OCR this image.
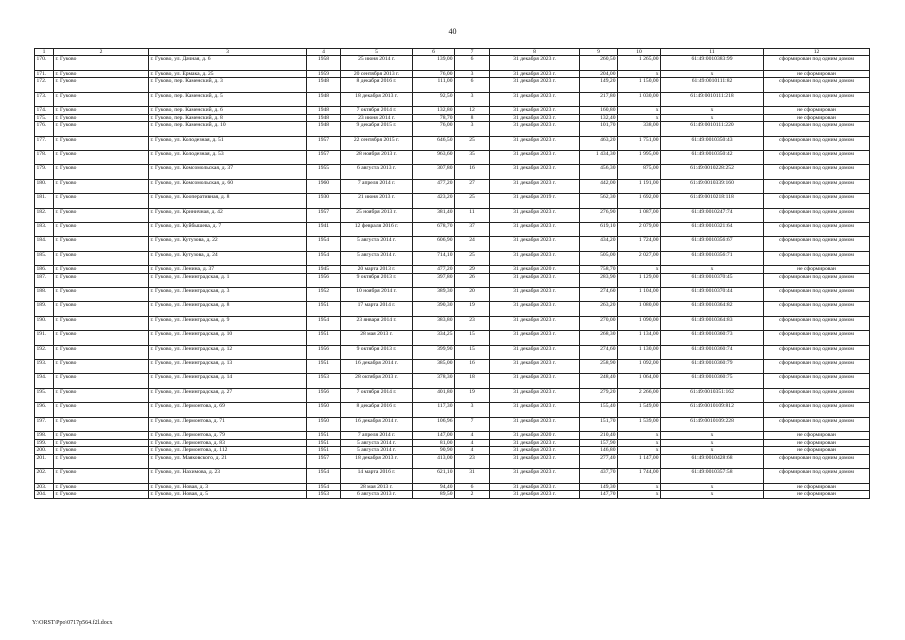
40
1	2	3	4	5	6	7	8	9	10	11	12
170.	г. Гуково	г. Гуково, ул. Дачная, д. 6	1958	25 июня 2014 г.	139,00	6	31 декабря 2023 г.	260,50	1 265,00	61:49:0010383:99	сформирован под одним домом
171.	г. Гуково	г. Гуково, ул. Ермака, д. 25	1959	20 сентября 2013 г.	76,00	3	31 декабря 2023 г.	204,00	х	х	не сформирован
172.	г. Гуково	г. Гуково, пер. Каменский, д. 3	1948	8 декабря 2016 г.	111,00	6	31 декабря 2023 г.	149,20	1 150,00	61:49:0010111:82	сформирован под одним домом
173.	г. Гуково	г. Гуково, пер. Каменский, д. 5	1948	18 декабря 2013 г.	92,50	3	31 декабря 2023 г.	217,80	1 030,00	61:49:0010111:218	сформирован под одним домом
174.	г. Гуково	г. Гуково, пер. Каменский, д. 6	1948	7 октября 2014 г.	132,80	12	31 декабря 2023 г.	160,80	х	х	не сформирован
175.	г. Гуково	г. Гуково, пер. Каменский, д. 8	1948	23 июня 2014 г.	78,70	8	31 декабря 2023 г.	132,40	х	х	не сформирован
176.	г. Гуково	г. Гуково, пер. Каменский, д. 10	1948	9 декабря 2015 г.	76,00	3	31 декабря 2023 г.	101,70	338,00	61:49:0010111:220	сформирован под одним домом
177.	г. Гуково	г. Гуково, ул. Колодезная, д. 51	1957	22 сентября 2015 г.	646,50	25	31 декабря 2023 г.	463,20	1 751,00	61:49:0010350:43	сформирован под одним домом
178.	г. Гуково	г. Гуково, ул. Колодезная, д. 53	1957	28 ноября 2013 г.	963,60	35	31 декабря 2023 г.	1 434,30	1 995,00	61:49:0010350:42	сформирован под одним домом
179.	г. Гуково	г. Гуково, ул. Комсомольская, д. 37	1955	6 августа 2013 г.	307,80	16	31 декабря 2023 г.	456,30	875,00	61:49:0010228:252	сформирован под одним домом
180.	г. Гуково	г. Гуково, ул. Комсомольская, д. 60	1960	7 апреля 2014 г.	477,20	27	31 декабря 2023 г.	442,00	1 191,00	61:49:0010339:160	сформирован под одним домом
181.	г. Гуково	г. Гуково, ул. Кооперативная, д. 8	1930	21 июня 2013 г.	423,20	25	31 декабря 2019 г.	562,30	1 692,00	61:49:0010218:118	сформирован под одним домом
182.	г. Гуково	г. Гуково, ул. Криничная, д. 42	1957	25 ноября 2013 г.	381,40	11	31 декабря 2023 г.	276,90	1 087,00	61:49:0010247:74	сформирован под одним домом
183.	г. Гуково	г. Гуково, ул. Куйбышева, д. 7	1941	12 февраля 2016 г.	678,70	37	31 декабря 2023 г.	619,10	2 079,00	61:49:0010321:64	сформирован под одним домом
184.	г. Гуково	г. Гуково, ул. Кутузова, д. 22	1954	5 августа 2014 г.	606,90	24	31 декабря 2023 г.	434,20	1 724,00	61:49:0010356:67	сформирован под одним домом
185.	г. Гуково	г. Гуково, ул. Кутузова, д. 24	1954	5 августа 2014 г.	714,10	25	31 декабря 2023 г.	505,00	2 027,00	61:49:0010356:71	сформирован под одним домом
186.	г. Гуково	г. Гуково, ул. Ленина, д. 37	1945	20 марта 2013 г.	477,20	29	31 декабря 2020 г.	758,70	х	х	не сформирован
187.	г. Гуково	г. Гуково, ул. Ленинградская, д. 1	1956	9 октября 2013 г.	397,80	26	31 декабря 2023 г.	283,90	1 129,00	61:49:0010370:45	сформирован под одним домом
188.	г. Гуково	г. Гуково, ул. Ленинградская, д. 3	1952	10 ноября 2014 г.	389,30	20	31 декабря 2023 г.	274,60	1 104,00	61:49:0010370:44	сформирован под одним домом
189.	г. Гуково	г. Гуково, ул. Ленинградская, д. 8	1951	17 марта 2014 г.	390,30	19	31 декабря 2023 г.	263,20	1 080,00	61:49:0010364:82	сформирован под одним домом
190.	г. Гуково	г. Гуково, ул. Ленинградская, д. 9	1954	23 января 2014 г.	383,80	23	31 декабря 2023 г.	270,00	1 090,00	61:49:0010364:83	сформирован под одним домом
191.	г. Гуково	г. Гуково, ул. Ленинградская, д. 10	1951	28 мая 2013 г.	334,25	15	31 декабря 2023 г.	268,30	1 134,00	61:49:0010360:73	сформирован под одним домом
192.	г. Гуково	г. Гуково, ул. Ленинградская, д. 12	1956	9 октября 2013 г.	399,90	15	31 декабря 2023 г.	274,60	1 130,00	61:49:0010360:74	сформирован под одним домом
193.	г. Гуково	г. Гуково, ул. Ленинградская, д. 13	1951	16 декабря 2014 г.	385,00	16	31 декабря 2023 г.	258,90	1 092,00	61:49:0010360:79	сформирован под одним домом
194.	г. Гуково	г. Гуково, ул. Ленинградская, д. 14	1953	28 октября 2013 г.	378,30	18	31 декабря 2023 г.	248,40	1 064,00	61:49:0010360:75	сформирован под одним домом
195.	г. Гуково	г. Гуково, ул. Ленинградская, д. 27	1956	7 октября 2014 г.	401,80	19	31 декабря 2023 г.	279,20	2 266,00	61:49:0010351:162	сформирован под одним домом
196.	г. Гуково	г. Гуково, ул. Лермонтова, д. 69	1950	8 декабря 2016 г.	117,30	3	31 декабря 2023 г.	155,40	1 549,00	61:49:0010109:812	сформирован под одним домом
197.	г. Гуково	г. Гуково, ул. Лермонтова, д. 71	1950	16 декабря 2014 г.	106,96	7	31 декабря 2023 г.	151,70	1 539,00	61:49:0010109:228	сформирован под одним домом
198.	г. Гуково	г. Гуково, ул. Лермонтова, д. 79	1951	7 апреля 2014 г.	147,00	4	31 декабря 2020 г.	210,40	х	х	не сформирован
199.	г. Гуково	г. Гуково, ул. Лермонтова, д. 83	1951	5 августа 2014 г.	81,00	4	31 декабря 2023 г.	157,90	х	х	не сформирован
200.	г. Гуково	г. Гуково, ул. Лермонтова, д. 112	1951	5 августа 2014 г.	90,90	4	31 декабря 2023 г.	146,80	х	х	не сформирован
201.	г. Гуково	г. Гуково, ул. Маяковского, д. 21	1957	18 декабря 2013 г.	413,00	23	31 декабря 2023 г.	277,40	1 147,00	61:49:0010428:68	сформирован под одним домом
202.	г. Гуково	г. Гуково, ул. Нахимова, д. 23	1954	14 марта 2016 г.	621,10	31	31 декабря 2023 г.	437,70	1 744,00	61:49:0010357:58	сформирован под одним домом
203.	г. Гуково	г. Гуково, ул. Новая, д. 3	1954	28 мая 2013 г.	94,40	6	31 декабря 2023 г.	149,30	х	х	не сформирован
204.	г. Гуково	г. Гуково, ул. Новая, д. 5	1953	6 августа 2013 г.	89,50	2	31 декабря 2023 г.	147,70	х	х	не сформирован
Y:\ORST\Ppo\0717p564.f2l.docx
